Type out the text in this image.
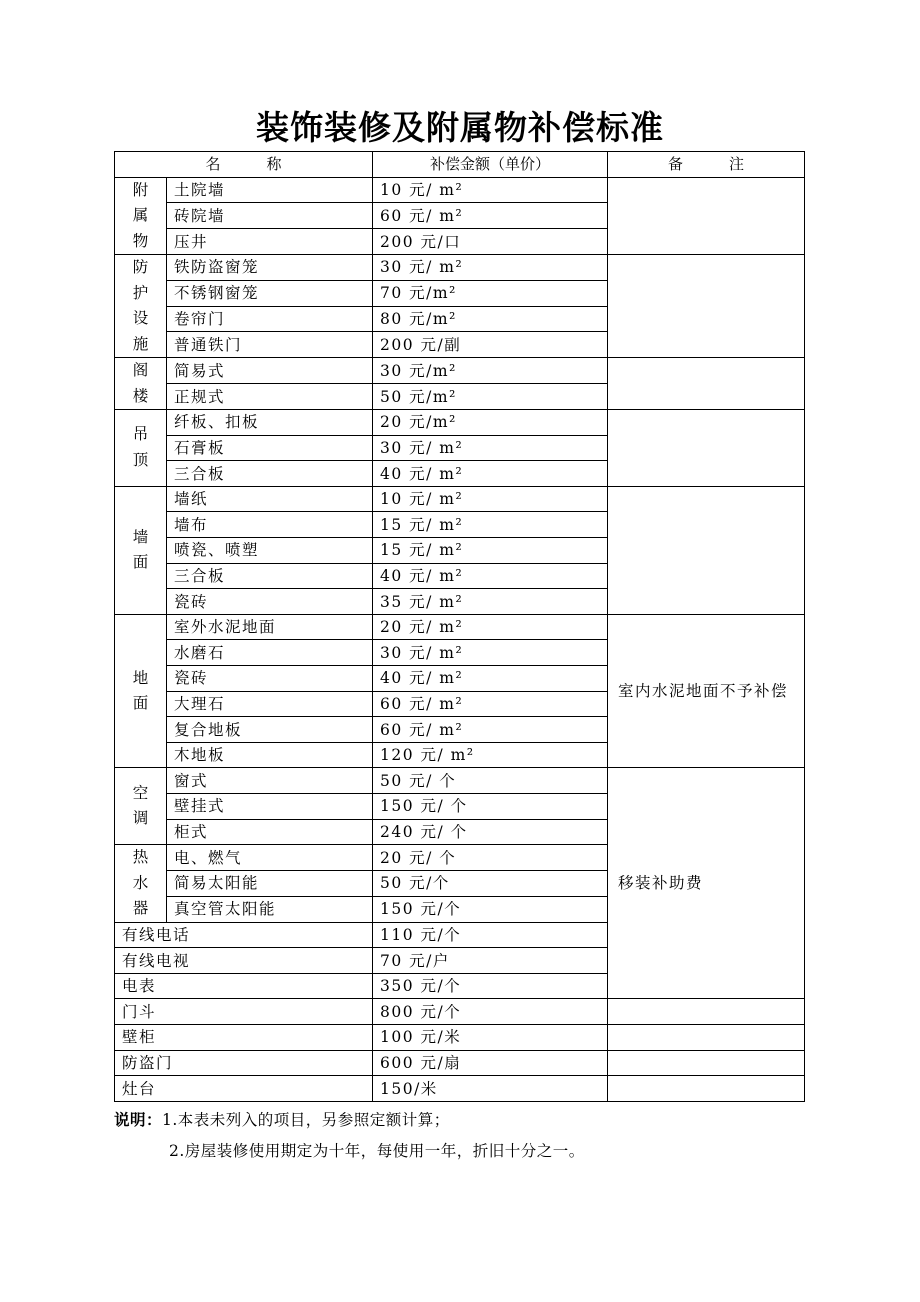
装饰装修及附属物补偿标准
名 称		补偿金额（单价）	备 注

附
属
物	土院墙	10 元/ m²	
	砖院墙	60 元/ m²	
	压井	200 元/口	

防
护
设
施	铁防盗窗笼	30 元/ m²	
	不锈钢窗笼	70 元/m²	
	卷帘门	80 元/m²	
	普通铁门	200 元/副	

阁
楼	简易式	30 元/m²	
	正规式	50 元/m²	

吊
顶	纤板、扣板	20 元/m²	
	石膏板	30 元/ m²	
	三合板	40 元/ m²	

墙
面	墙纸	10 元/ m²	
	墙布	15 元/ m²	
	喷瓷、喷塑	15 元/ m²	
	三合板	40 元/ m²	
	瓷砖	35 元/ m²	

地
面	室外水泥地面	20 元/ m²	室内水泥地面不予补偿
	水磨石	30 元/ m²	
	瓷砖	40 元/ m²	
	大理石	60 元/ m²	
	复合地板	60 元/ m²	
	木地板	120 元/ m²	

空
调	窗式	50 元/ 个	移装补助费
	壁挂式	150 元/ 个	
	柜式	240 元/ 个	

热
水
器	电、燃气	20 元/ 个	
	简易太阳能	50 元/个	
	真空管太阳能	150 元/个	
有线电话		110 元/个	
有线电视		70 元/户	
电表		350 元/个	
门斗		800 元/个	
壁柜		100 元/米	
防盗门		600 元/扇	
灶台		150/米	
说明：1.本表未列入的项目，另参照定额计算；
2.房屋装修使用期定为十年，每使用一年，折旧十分之一。
